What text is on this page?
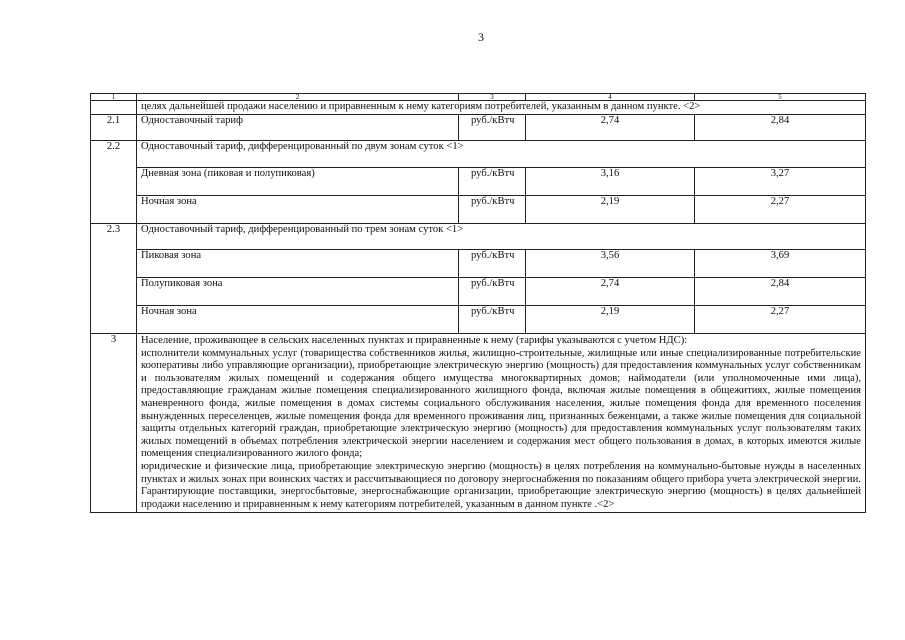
3
1	2	3	4	5
	целях дальнейшей продажи населению и приравненным к нему категориям потребителей, указанным в данном пункте. <2>			
2.1	Одноставочный тариф	руб./кВтч	2,74	2,84
2.2	Одноставочный тариф, дифференцированный по двум зонам суток <1>			
	Дневная зона (пиковая и полупиковая)	руб./кВтч	3,16	3,27
	Ночная зона	руб./кВтч	2,19	2,27
2.3	Одноставочный тариф, дифференцированный по трем зонам суток <1>			
	Пиковая зона	руб./кВтч	3,56	3,69
	Полупиковая зона	руб./кВтч	2,74	2,84
	Ночная зона	руб./кВтч	2,19	2,27
3	Население, проживающее в сельских населенных пунктах и приравненные к нему (тарифы указываются с учетом НДС):
исполнители коммунальных услуг (товарищества собственников жилья, жилищно-строительные, жилищные или иные специализированные потребительские кооперативы либо управляющие организации), приобретающие электрическую энергию (мощность) для предоставления коммунальных услуг собственникам и пользователям жилых помещений и содержания общего имущества многоквартирных домов; наймодатели (или уполномоченные ими лица), предоставляющие гражданам жилые помещения специализированного жилищного фонда, включая жилые помещения в общежитиях, жилые помещения маневренного фонда, жилые помещения в домах системы социального обслуживания населения, жилые помещения фонда для временного поселения вынужденных переселенцев, жилые помещения фонда для временного проживания лиц, признанных беженцами, а также жилые помещения для социальной защиты отдельных категорий граждан, приобретающие электрическую энергию (мощность) для предоставления коммунальных услуг пользователям таких жилых помещений в объемах потребления электрической энергии населением и содержания мест общего пользования в домах, в которых имеются жилые помещения специализированного жилого фонда;
юридические и физические лица, приобретающие электрическую энергию (мощность) в целях потребления на коммунально-бытовые нужды в населенных пунктах и жилых зонах при воинских частях и рассчитывающиеся по договору энергоснабжения по показаниям общего прибора учета электрической энергии.
Гарантирующие поставщики, энергосбытовые, энергоснабжающие организации, приобретающие электрическую энергию (мощность) в целях дальнейшей продажи населению и приравненным к нему категориям потребителей, указанным в данном пункте .<2>			
